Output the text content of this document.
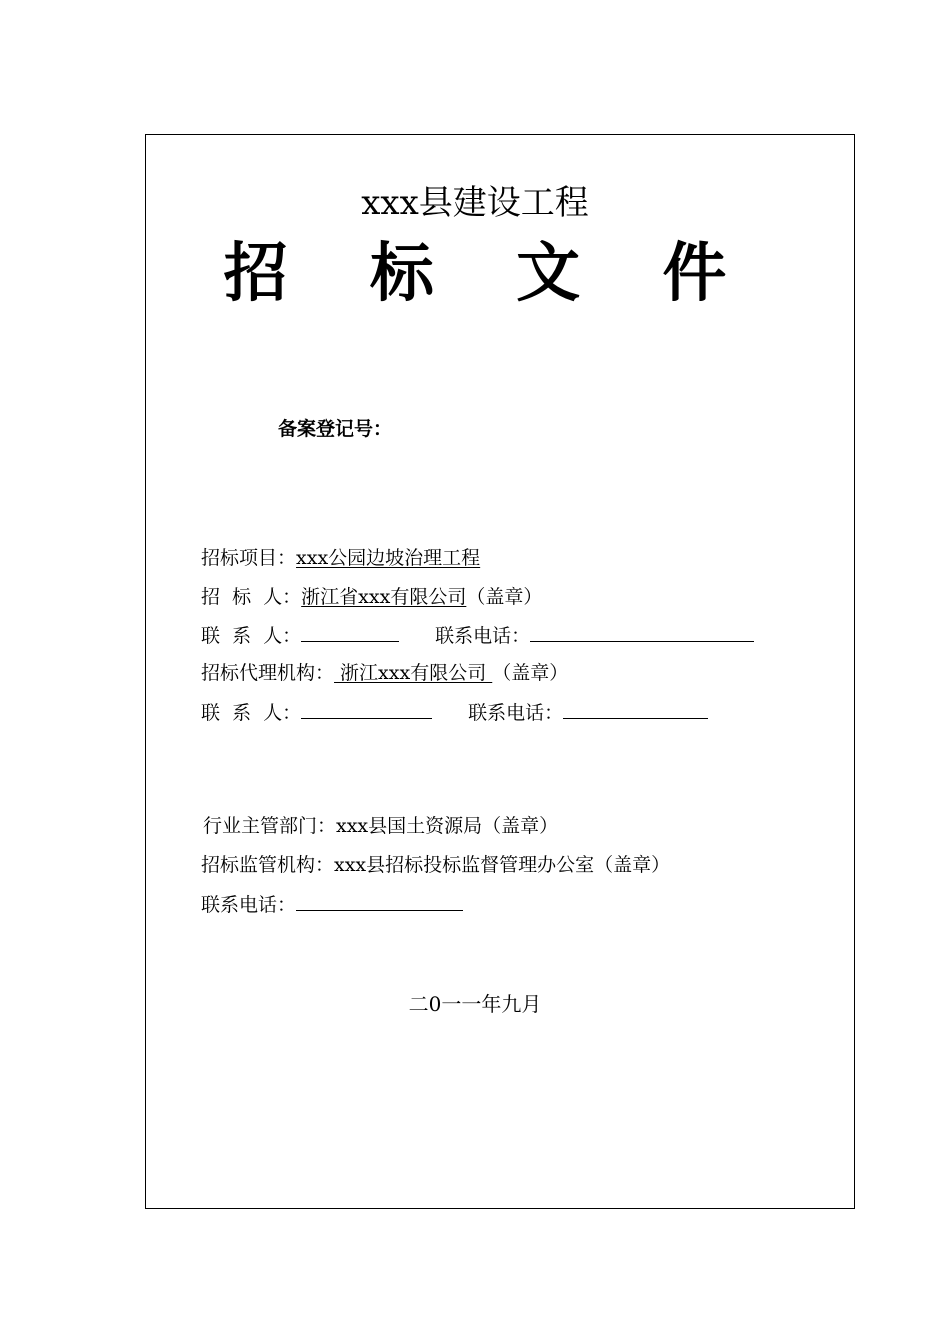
xxx县建设工程
招 标 文 件
备案登记号：
招标项目：xxx公园边坡治理工程
招  标  人：浙江省xxx有限公司（盖章）
联  系  人：	联系电话：
招标代理机构： 浙江xxx有限公司 （盖章）
联  系  人：	联系电话：
行业主管部门：xxx县国土资源局（盖章）
招标监管机构：xxx县招标投标监督管理办公室（盖章）
联系电话：
二0一一年九月
